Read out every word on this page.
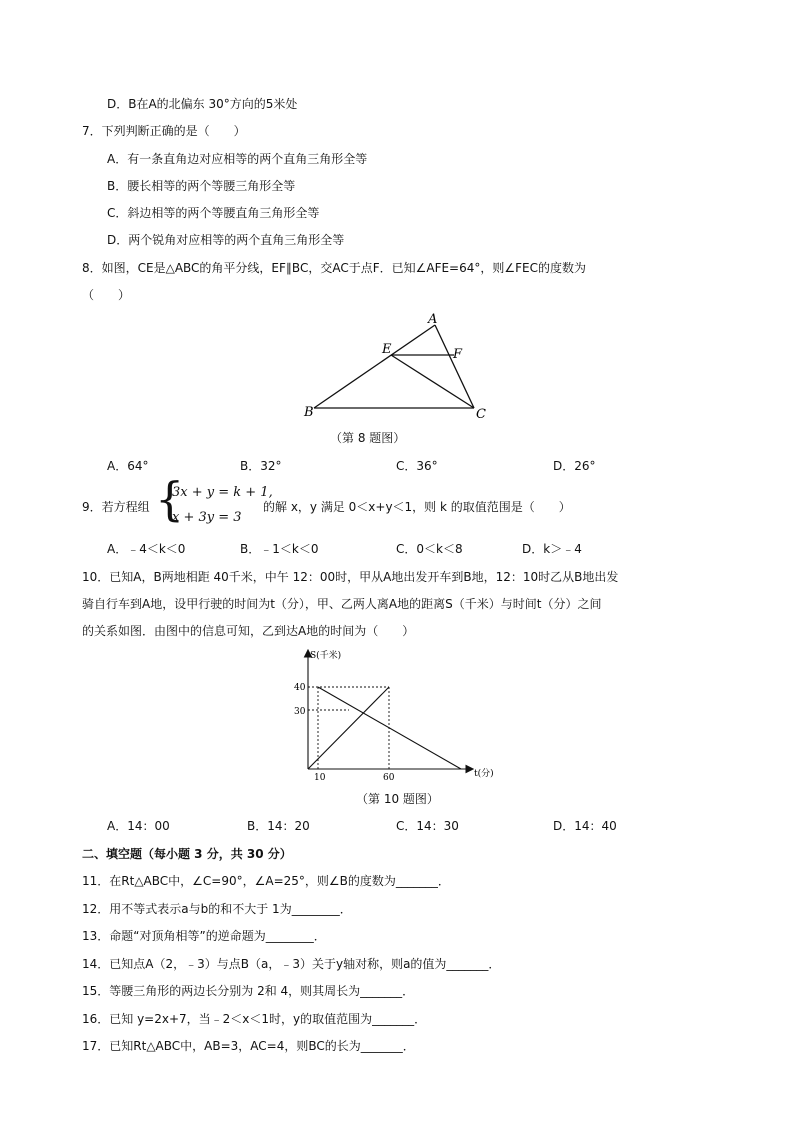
D．B在A的北偏东 30°方向的5米处
7．下列判断正确的是（　　）
A．有一条直角边对应相等的两个直角三角形全等
B．腰长相等的两个等腰三角形全等
C．斜边相等的两个等腰直角三角形全等
D．两个锐角对应相等的两个直角三角形全等
8．如图，CE是△ABC的角平分线，EF∥BC，交AC于点F．已知∠AFE=64°，则∠FEC的度数为
（　　）
A
B	C
E	F
（第 8 题图）
A．64°	B．32°	C．36°	D．26°
9．若方程组 {
3x + y = k + 1,
x + 3y = 3
的解 x，y 满足 0＜x+y＜1，则 k 的取值范围是（　　）
A．﹣4＜k＜0	B．﹣1＜k＜0	C．0＜k＜8	D．k＞﹣4
10．已知A，B两地相距 40千米，中午 12：00时，甲从A地出发开车到B地，12：10时乙从B地出发
骑自行车到A地，设甲行驶的时间为t（分），甲、乙两人离A地的距离S（千米）与时间t（分）之间
的关系如图．由图中的信息可知，乙到达A地的时间为（　　）
S(千米)
t(分)
40
30
10	60
（第 10 题图）
A．14：00	B．14：20	C．14：30	D．14：40
二、填空题（每小题 3 分，共 30 分）
11．在Rt△ABC中，∠C=90°，∠A=25°，则∠B的度数为_______．
12．用不等式表示a与b的和不大于 1为________．
13．命题“对顶角相等”的逆命题为________．
14．已知点A（2，﹣3）与点B（a，﹣3）关于y轴对称，则a的值为_______．
15．等腰三角形的两边长分别为 2和 4，则其周长为_______．
16．已知 y=2x+7，当﹣2＜x＜1时，y的取值范围为_______．
17．已知Rt△ABC中，AB=3，AC=4，则BC的长为_______．
